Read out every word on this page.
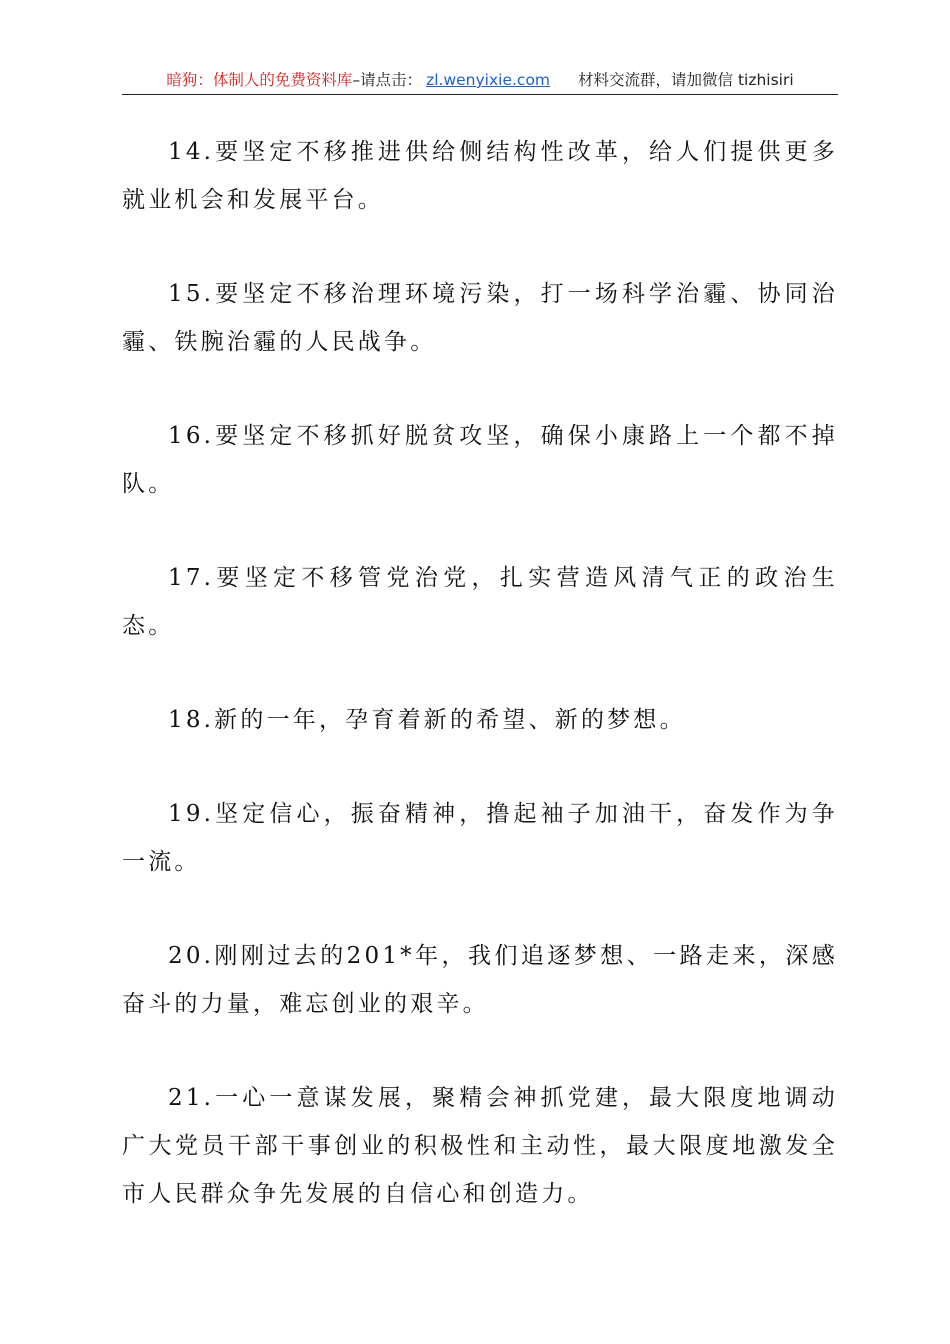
暗狗：体制人的免费资料库–请点击： zl.wenyixie.com 材料交流群，请加微信 tizhisiri

14.要坚定不移推进供给侧结构性改革，给人们提供更多就业机会和发展平台。

15.要坚定不移治理环境污染，打一场科学治霾、协同治霾、铁腕治霾的人民战争。

16.要坚定不移抓好脱贫攻坚，确保小康路上一个都不掉队。

17.要坚定不移管党治党，扎实营造风清气正的政治生态。

18.新的一年，孕育着新的希望、新的梦想。

19.坚定信心，振奋精神，撸起袖子加油干，奋发作为争一流。

20.刚刚过去的201*年，我们追逐梦想、一路走来，深感奋斗的力量，难忘创业的艰辛。

21.一心一意谋发展，聚精会神抓党建，最大限度地调动广大党员干部干事创业的积极性和主动性，最大限度地激发全市人民群众争先发展的自信心和创造力。
